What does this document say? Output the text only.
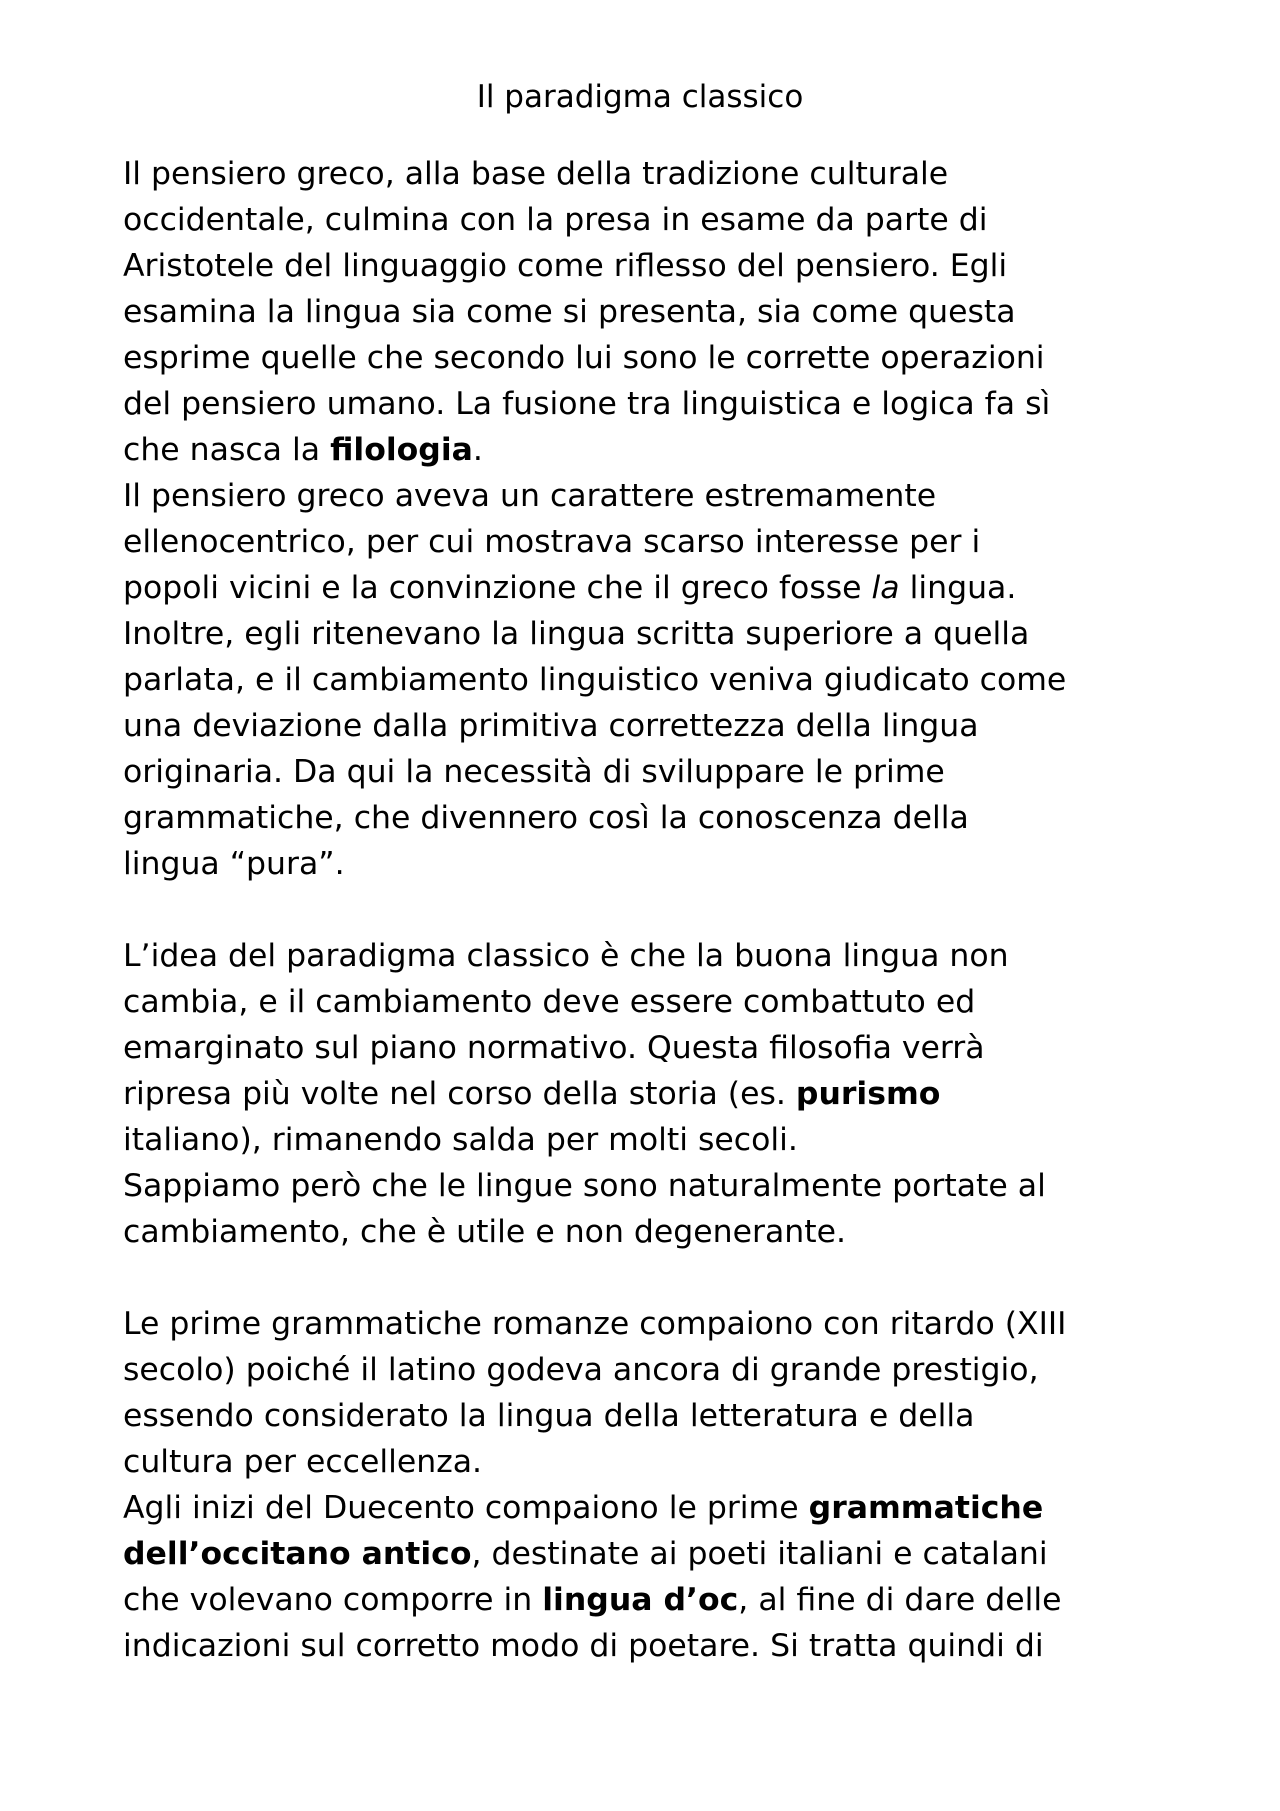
Il paradigma classico

Il pensiero greco, alla base della tradizione culturale

occidentale, culmina con la presa in esame da parte di

Aristotele del linguaggio come riflesso del pensiero. Egli

esamina la lingua sia come si presenta, sia come questa

esprime quelle che secondo lui sono le corrette operazioni

del pensiero umano. La fusione tra linguistica e logica fa sì

che nasca la filologia.

Il pensiero greco aveva un carattere estremamente

ellenocentrico, per cui mostrava scarso interesse per i

popoli vicini e la convinzione che il greco fosse la lingua.

Inoltre, egli ritenevano la lingua scritta superiore a quella

parlata, e il cambiamento linguistico veniva giudicato come

una deviazione dalla primitiva correttezza della lingua

originaria. Da qui la necessità di sviluppare le prime

grammatiche, che divennero così la conoscenza della

lingua “pura”.

L’idea del paradigma classico è che la buona lingua non

cambia, e il cambiamento deve essere combattuto ed

emarginato sul piano normativo. Questa filosofia verrà

ripresa più volte nel corso della storia (es. purismo

italiano), rimanendo salda per molti secoli.

Sappiamo però che le lingue sono naturalmente portate al

cambiamento, che è utile e non degenerante.

Le prime grammatiche romanze compaiono con ritardo (XIII

secolo) poiché il latino godeva ancora di grande prestigio,

essendo considerato la lingua della letteratura e della

cultura per eccellenza.

Agli inizi del Duecento compaiono le prime grammatiche

dell’occitano antico, destinate ai poeti italiani e catalani

che volevano comporre in lingua d’oc, al fine di dare delle

indicazioni sul corretto modo di poetare. Si tratta quindi di
